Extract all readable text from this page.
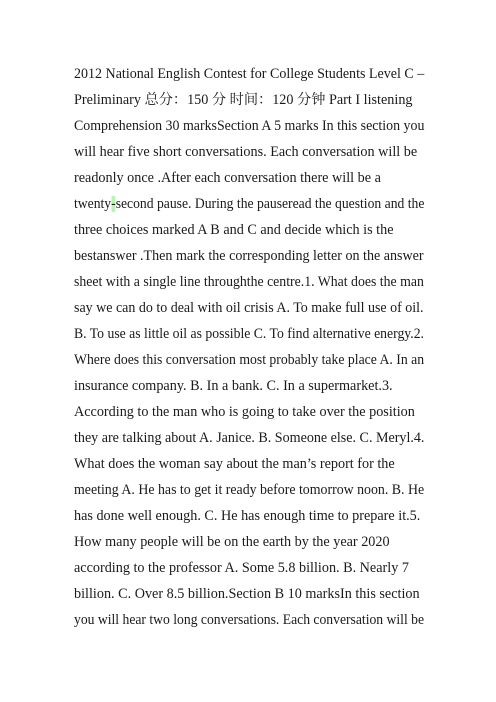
2012 National English Contest for College Students Level C –

Preliminary 总分：150 分 时间：120 分钟 Part I listening

Comprehension 30 marksSection A 5 marks In this section you

will hear five short conversations. Each conversation will be

readonly once .After each conversation there will be a

twenty-second pause. During the pauseread the question and the

three choices marked A B and C and decide which is the

bestanswer .Then mark the corresponding letter on the answer

sheet with a single line throughthe centre.1. What does the man

say we can do to deal with oil crisis A. To make full use of oil.

B. To use as little oil as possible C. To find alternative energy.2.

Where does this conversation most probably take place A. In an

insurance company. B. In a bank. C. In a supermarket.3.

According to the man who is going to take over the position

they are talking about A. Janice. B. Someone else. C. Meryl.4.

What does the woman say about the man’s report for the

meeting A. He has to get it ready before tomorrow noon. B. He

has done well enough. C. He has enough time to prepare it.5.

How many people will be on the earth by the year 2020

according to the professor A. Some 5.8 billion. B. Nearly 7

billion. C. Over 8.5 billion.Section B 10 marksIn this section

you will hear two long conversations. Each conversation will be
